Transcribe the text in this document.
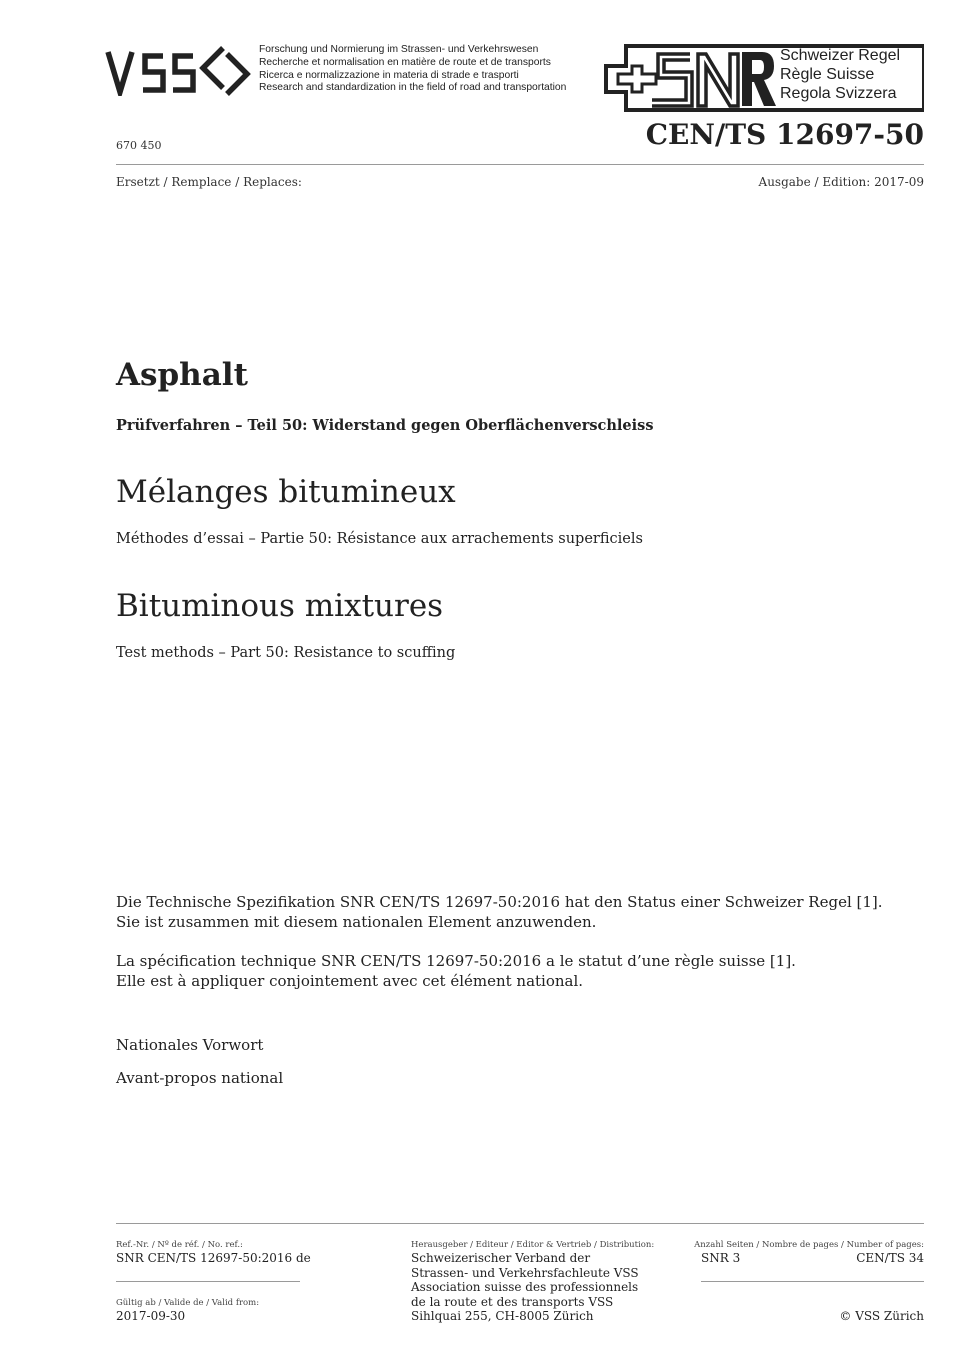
Forschung und Normierung im Strassen- und Verkehrswesen
Recherche et normalisation en matière de route et de transports
Ricerca e normalizzazione in materia di strade e trasporti
Research and standardization in the field of road and transportation
Schweizer Regel
Règle Suisse
Regola Svizzera
670 450	CEN/TS 12697-50
Ersetzt / Remplace / Replaces:	Ausgabe / Edition: 2017-09
Asphalt
Prüfverfahren – Teil 50: Widerstand gegen Oberflächenverschleiss
Mélanges bitumineux
Méthodes d’essai – Partie 50: Résistance aux arrachements superficiels
Bituminous mixtures
Test methods – Part 50: Resistance to scuffing
Die Technische Spezifikation SNR CEN/TS 12697-50:2016 hat den Status einer Schweizer Regel [1].
Sie ist zusammen mit diesem nationalen Element anzuwenden.
La spécification technique SNR CEN/TS 12697-50:2016 a le statut d’une règle suisse [1].
Elle est à appliquer conjointement avec cet élément national.
Nationales Vorwort
Avant-propos national
Ref.-Nr. / Nº de réf. / No. ref.:
SNR CEN/TS 12697-50:2016 de
Gültig ab / Valide de / Valid from:
2017-09-30
Herausgeber / Editeur / Editor & Vertrieb / Distribution:
Schweizerischer Verband der
Strassen- und Verkehrsfachleute VSS
Association suisse des professionnels
de la route et des transports VSS
Sihlquai 255, CH-8005 Zürich
Anzahl Seiten / Nombre de pages / Number of pages:
SNR 3	CEN/TS 34
© VSS Zürich
